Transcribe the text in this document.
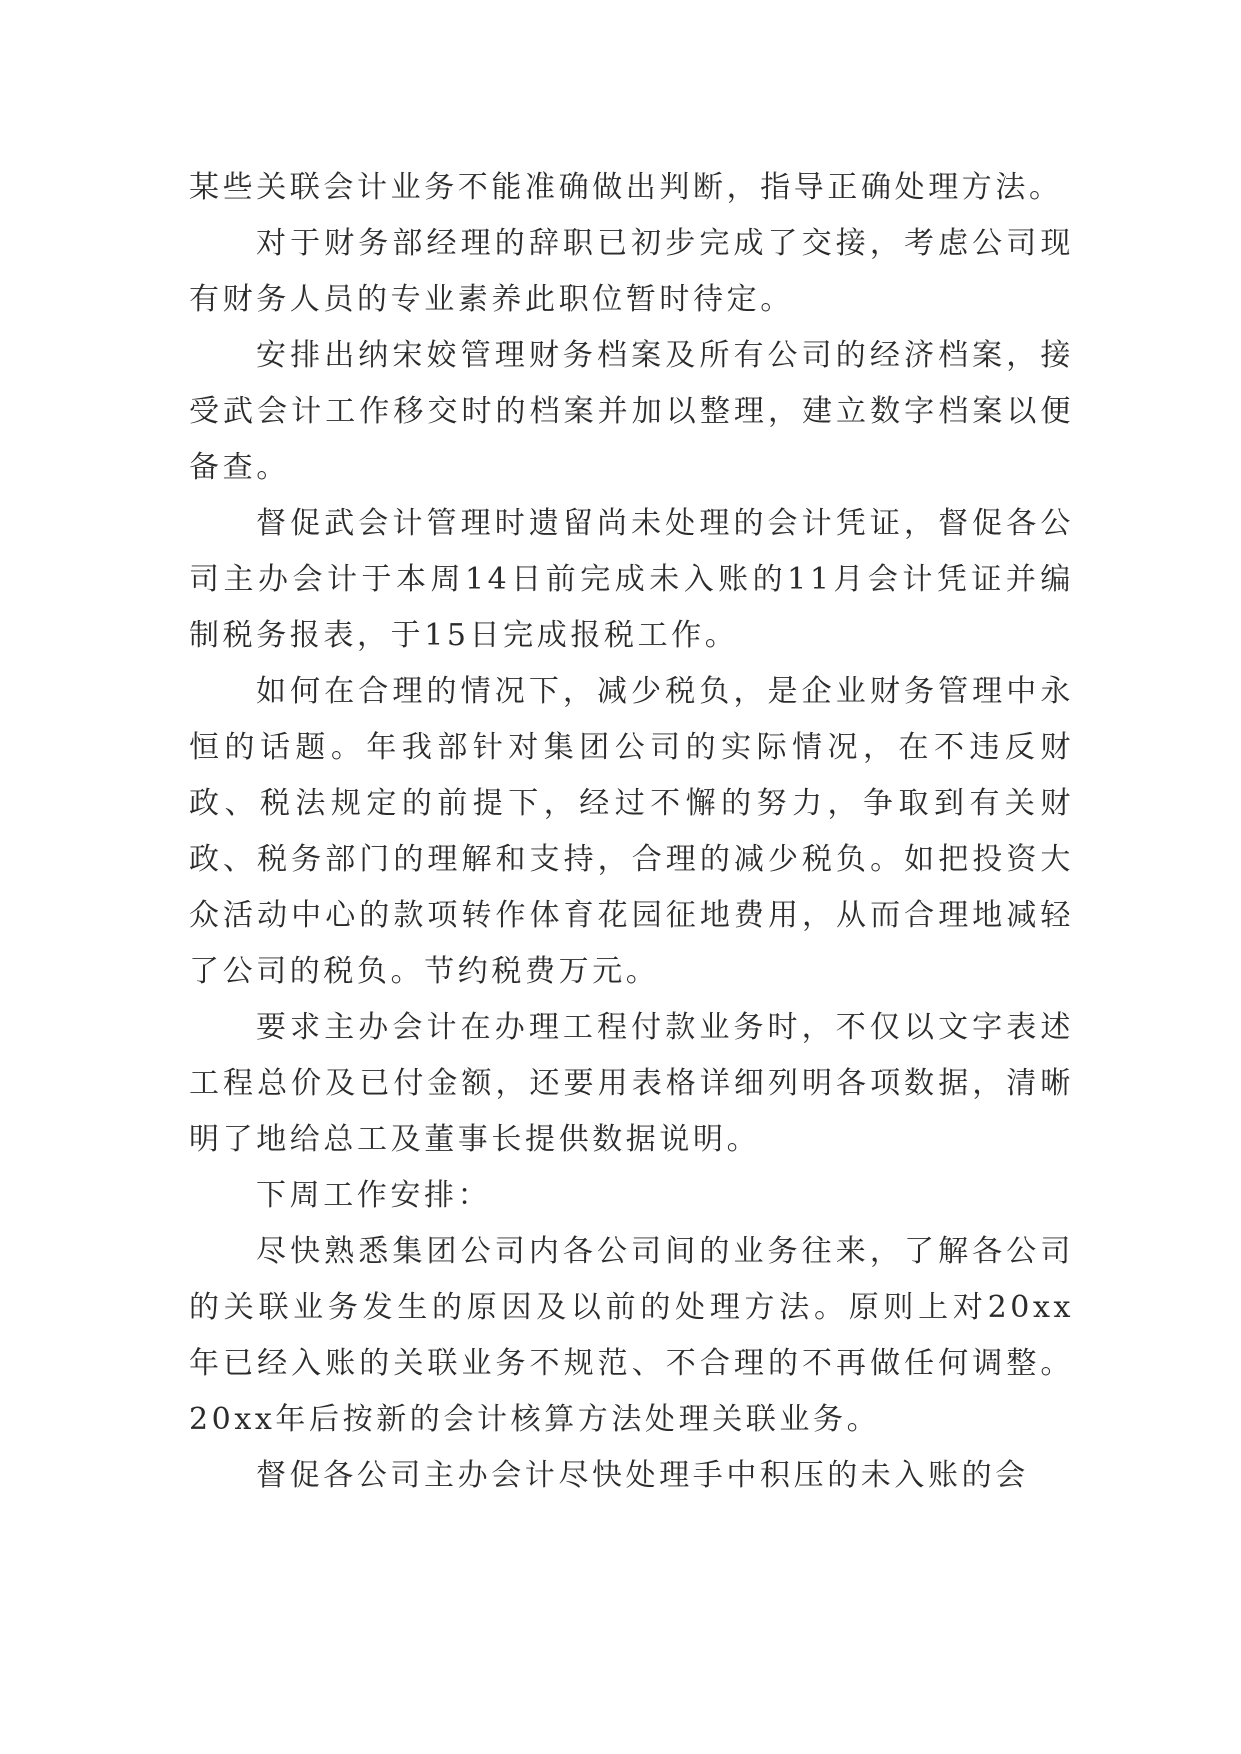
某些关联会计业务不能准确做出判断，指导正确处理方法。

对于财务部经理的辞职已初步完成了交接，考虑公司现有财务人员的专业素养此职位暂时待定。

安排出纳宋姣管理财务档案及所有公司的经济档案，接受武会计工作移交时的档案并加以整理，建立数字档案以便备查。

督促武会计管理时遗留尚未处理的会计凭证，督促各公司主办会计于本周14日前完成未入账的11月会计凭证并编制税务报表，于15日完成报税工作。

如何在合理的情况下，减少税负，是企业财务管理中永恒的话题。年我部针对集团公司的实际情况，在不违反财政、税法规定的前提下，经过不懈的努力，争取到有关财政、税务部门的理解和支持，合理的减少税负。如把投资大众活动中心的款项转作体育花园征地费用，从而合理地减轻了公司的税负。节约税费万元。

要求主办会计在办理工程付款业务时，不仅以文字表述工程总价及已付金额，还要用表格详细列明各项数据，清晰明了地给总工及董事长提供数据说明。

下周工作安排：

尽快熟悉集团公司内各公司间的业务往来，了解各公司的关联业务发生的原因及以前的处理方法。原则上对20xx年已经入账的关联业务不规范、不合理的不再做任何调整。20xx年后按新的会计核算方法处理关联业务。

督促各公司主办会计尽快处理手中积压的未入账的会
